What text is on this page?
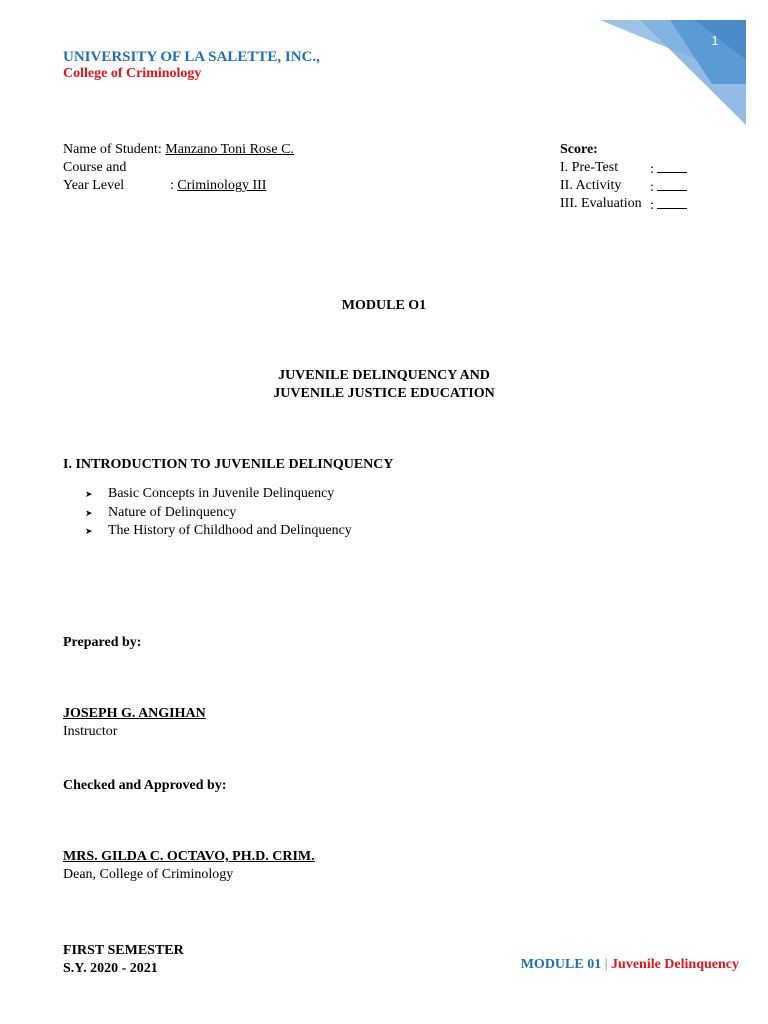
1
UNIVERSITY OF LA SALETTE, INC.,
College of Criminology
Name of Student: Manzano Toni Rose C.
Course and
Year Level	: Criminology III
Score:
I. Pre-Test :
II. Activity :
III. Evaluation :
MODULE O1
JUVENILE DELINQUENCY AND
JUVENILE JUSTICE EDUCATION
I. INTRODUCTION TO JUVENILE DELINQUENCY
➤ Basic Concepts in Juvenile Delinquency
➤ Nature of Delinquency
➤ The History of Childhood and Delinquency
Prepared by:
JOSEPH G. ANGIHAN
Instructor
Checked and Approved by:
MRS. GILDA C. OCTAVO, PH.D. CRIM.
Dean, College of Criminology
FIRST SEMESTER
S.Y. 2020 - 2021	MODULE 01 | Juvenile Delinquency
